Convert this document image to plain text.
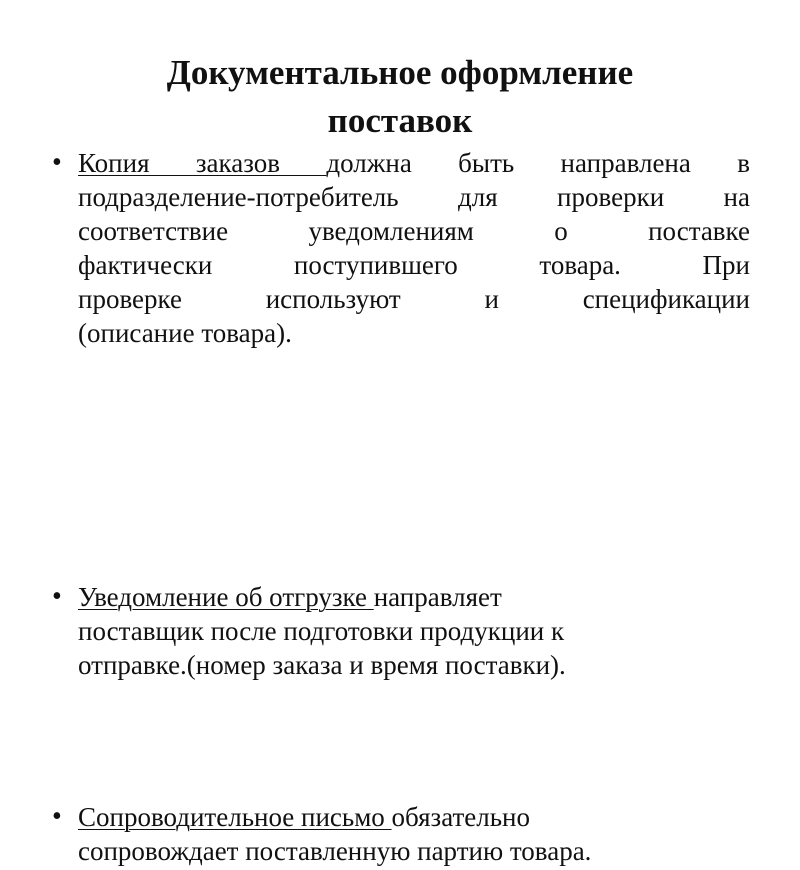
Документальное оформление
поставок
• Копия заказов должна быть направлена в
подразделение-потребитель для проверки на
соответствие уведомлениям о поставке
фактически поступившего товара. При
проверке используют и спецификации
(описание товара).
• Уведомление об отгрузке направляет
поставщик после подготовки продукции к
отправке.(номер заказа и время поставки).
• Сопроводительное письмо обязательно
сопровождает поставленную партию товара.
